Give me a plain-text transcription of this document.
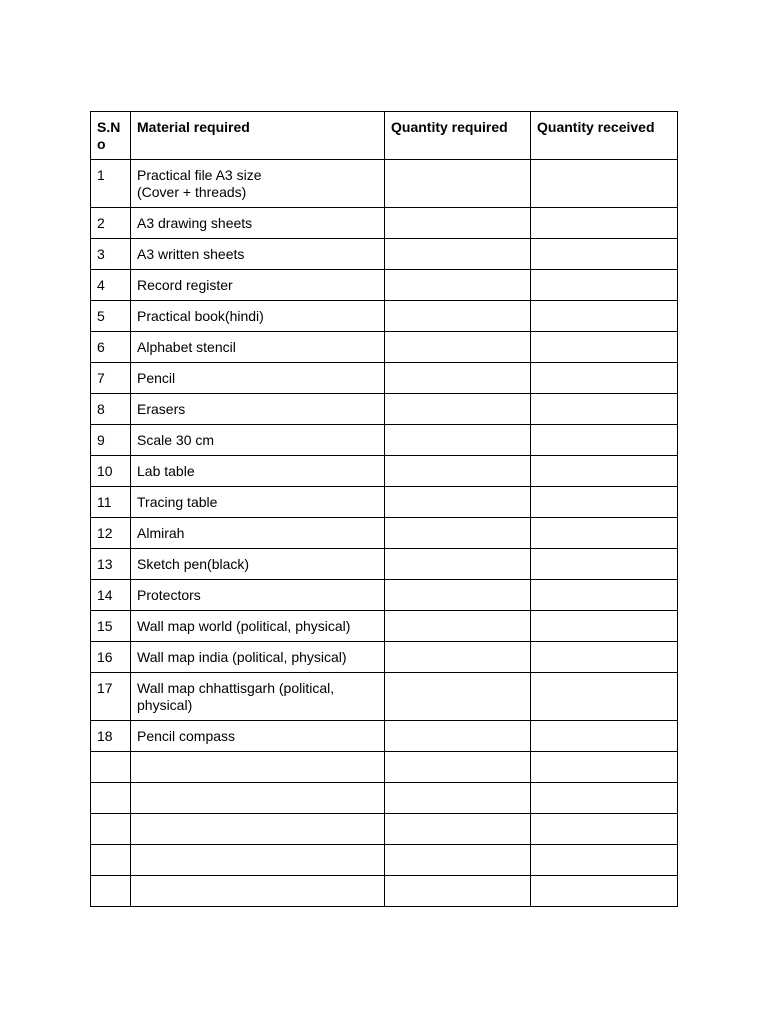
S.No	Material required	Quantity required	Quantity received
1	Practical file A3 size
(Cover + threads)		
2	A3 drawing sheets		
3	A3 written sheets		
4	Record register		
5	Practical book(hindi)		
6	Alphabet stencil		
7	Pencil		
8	Erasers		
9	Scale 30 cm		
10	Lab table		
11	Tracing table		
12	Almirah		
13	Sketch pen(black)		
14	Protectors		
15	Wall map world (political, physical)		
16	Wall map india (political, physical)		
17	Wall map chhattisgarh (political, physical)		
18	Pencil compass		
